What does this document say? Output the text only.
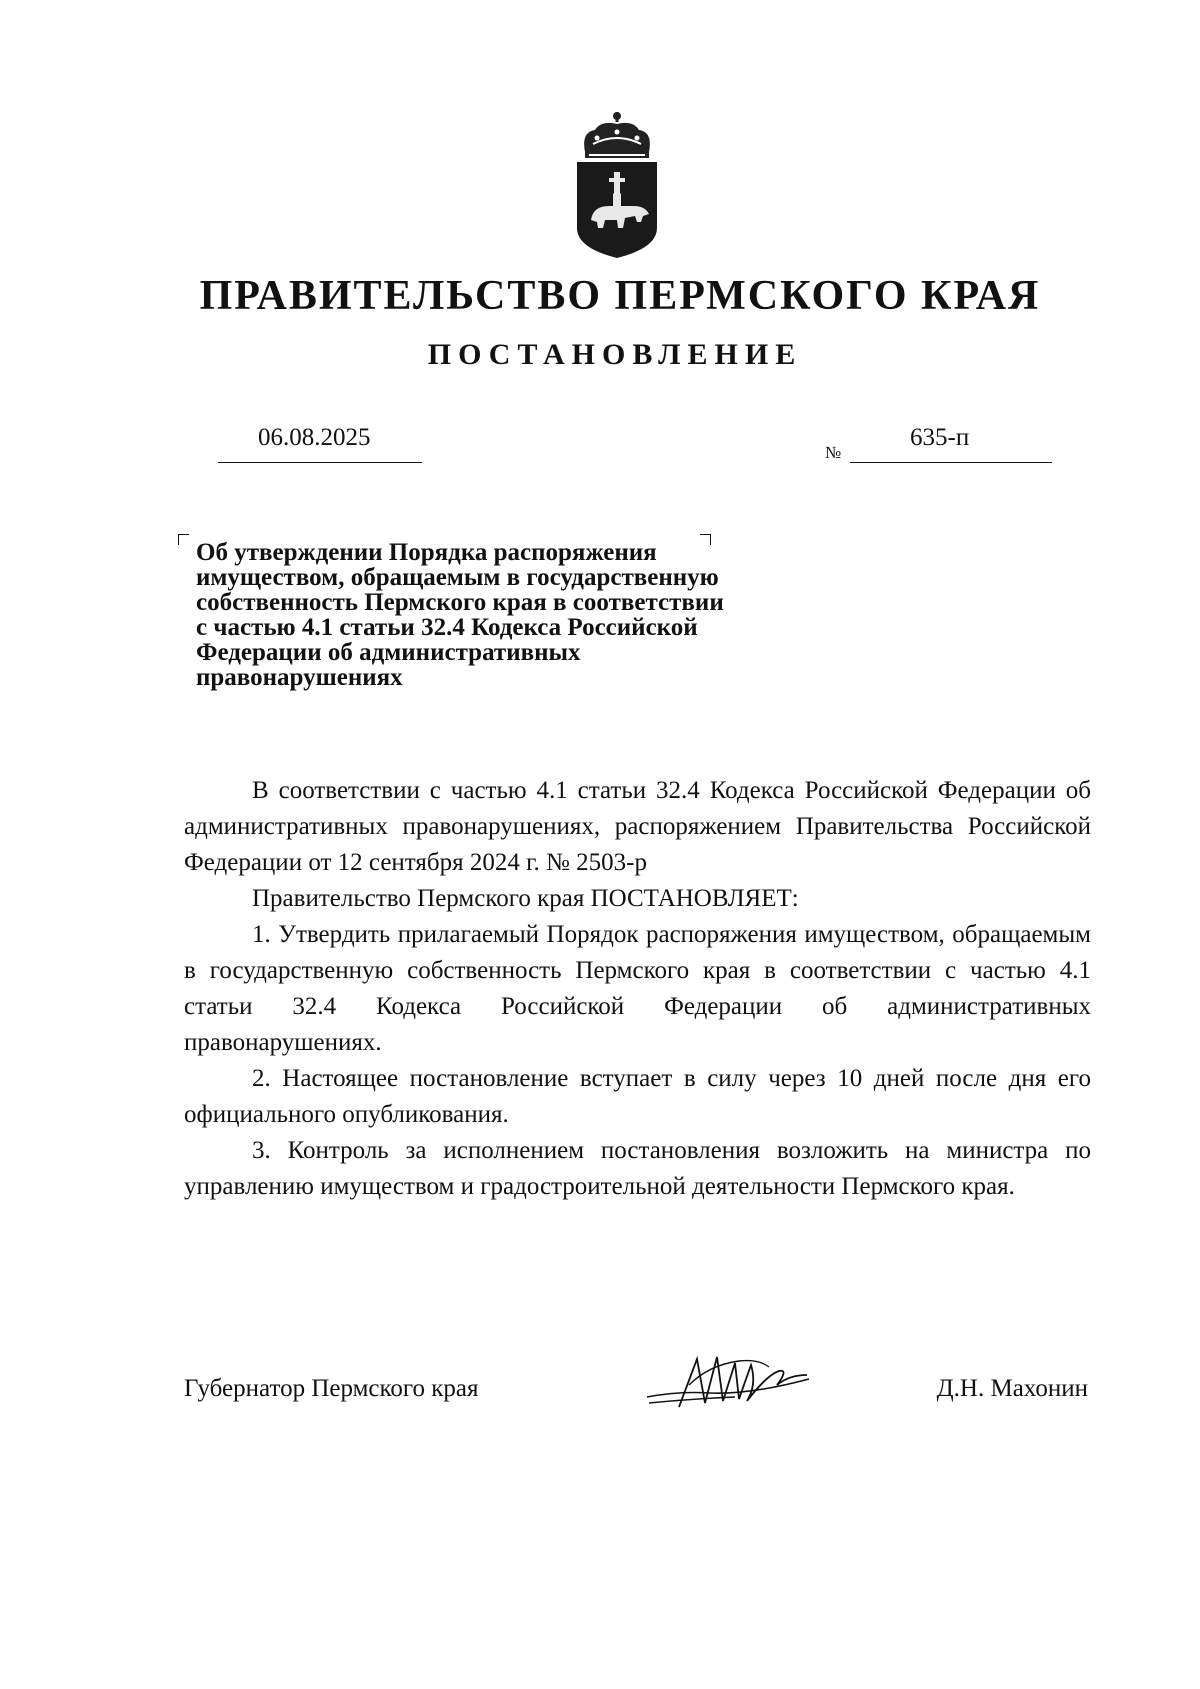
ПРАВИТЕЛЬСТВО ПЕРМСКОГО КРАЯ
ПОСТАНОВЛЕНИЕ
06.08.2025
№
635-п
Об утверждении Порядка распоряжения
имуществом, обращаемым в государственную
собственность Пермского края в соответствии
с частью 4.1 статьи 32.4 Кодекса Российской
Федерации об административных
правонарушениях

В соответствии с частью 4.1 статьи 32.4 Кодекса Российской Федерации об административных правонарушениях, распоряжением Правительства Российской Федерации от 12 сентября 2024 г. № 2503-р

Правительство Пермского края ПОСТАНОВЛЯЕТ:

1. Утвердить прилагаемый Порядок распоряжения имуществом, обращаемым в государственную собственность Пермского края в соответствии с частью 4.1 статьи 32.4 Кодекса Российской Федерации об административных правонарушениях.

2. Настоящее постановление вступает в силу через 10 дней после дня его официального опубликования.

3. Контроль за исполнением постановления возложить на министра по управлению имуществом и градостроительной деятельности Пермского края.

Губернатор Пермского края	Д.Н. Махонин
